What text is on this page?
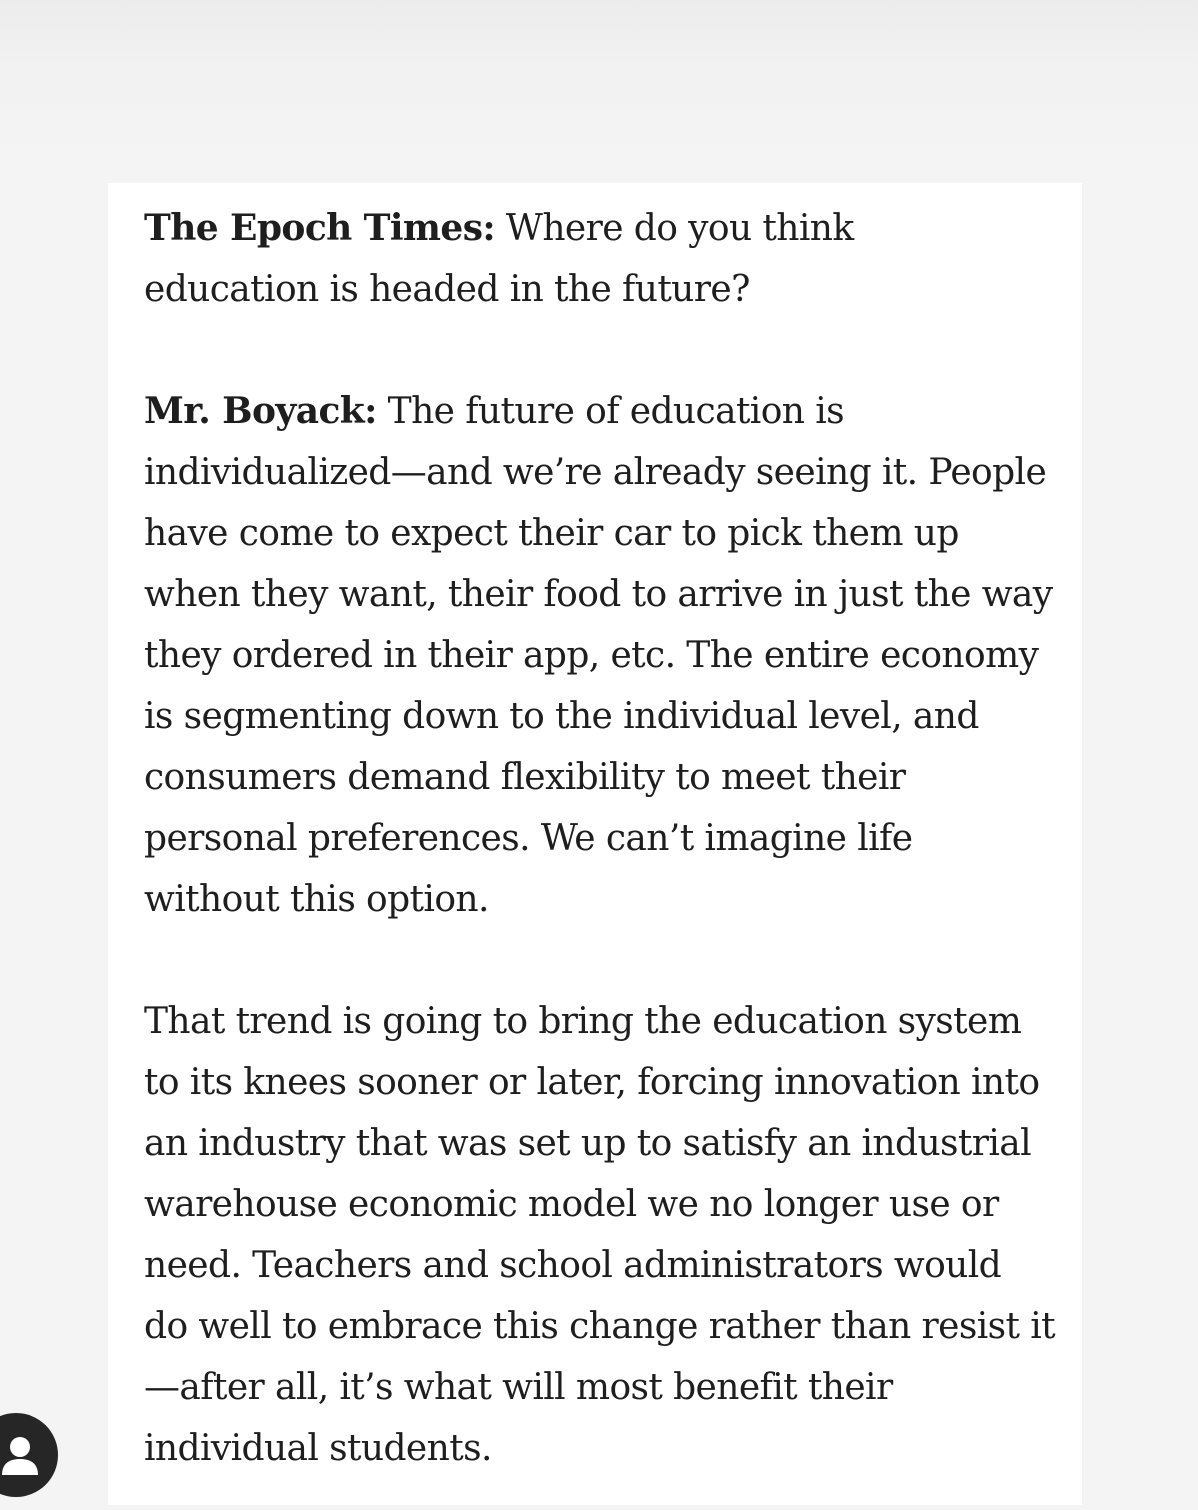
The Epoch Times: Where do you think
education is headed in the future?

Mr. Boyack: The future of education is
individualized—and we’re already seeing it. People
have come to expect their car to pick them up
when they want, their food to arrive in just the way
they ordered in their app, etc. The entire economy
is segmenting down to the individual level, and
consumers demand flexibility to meet their
personal preferences. We can’t imagine life
without this option.

That trend is going to bring the education system
to its knees sooner or later, forcing innovation into
an industry that was set up to satisfy an industrial
warehouse economic model we no longer use or
need. Teachers and school administrators would
do well to embrace this change rather than resist it
—after all, it’s what will most benefit their
individual students.
